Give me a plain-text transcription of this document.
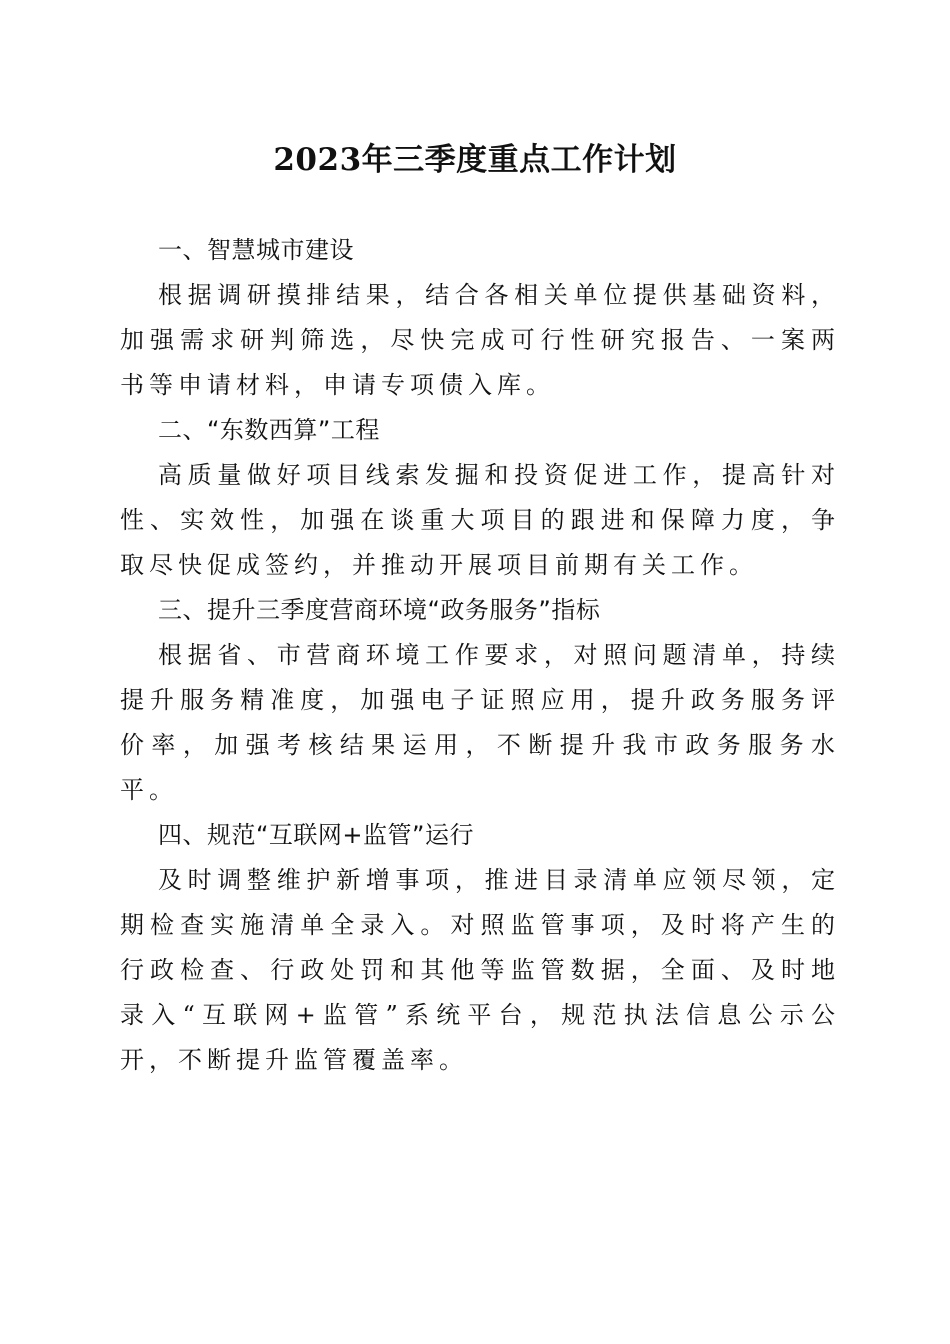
2023年三季度重点工作计划
一、智慧城市建设
根据调研摸排结果，结合各相关单位提供基础资料，加强需求研判筛选，尽快完成可行性研究报告、一案两书等申请材料，申请专项债入库。
二、“东数西算”工程
高质量做好项目线索发掘和投资促进工作，提高针对性、实效性，加强在谈重大项目的跟进和保障力度，争取尽快促成签约，并推动开展项目前期有关工作。
三、提升三季度营商环境“政务服务”指标
根据省、市营商环境工作要求，对照问题清单，持续提升服务精准度，加强电子证照应用，提升政务服务评价率，加强考核结果运用，不断提升我市政务服务水平。
四、规范“互联网+监管”运行
及时调整维护新增事项，推进目录清单应领尽领，定期检查实施清单全录入。对照监管事项，及时将产生的行政检查、行政处罚和其他等监管数据，全面、及时地录入“互联网+监管”系统平台，规范执法信息公示公开，不断提升监管覆盖率。
